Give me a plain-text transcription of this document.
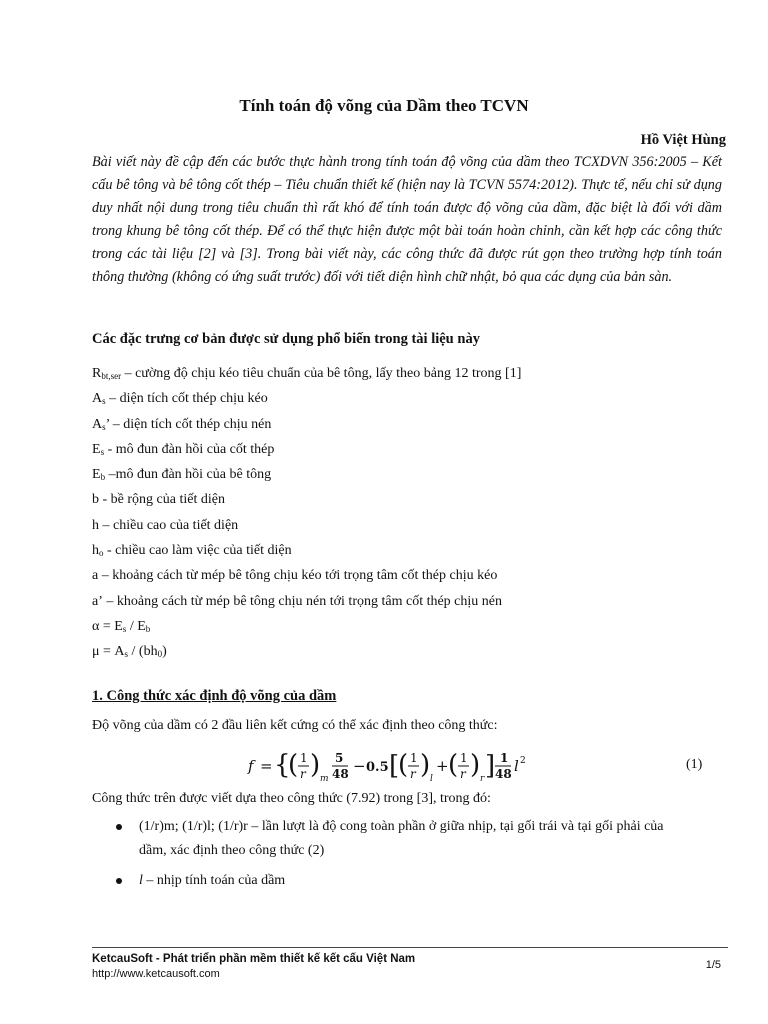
Tính toán độ võng của Dầm theo TCVN
Hồ Việt Hùng
Bài viết này đề cập đến các bước thực hành trong tính toán độ võng của dầm theo TCXDVN 356:2005 – Kết cấu bê tông và bê tông cốt thép – Tiêu chuẩn thiết kế (hiện nay là TCVN 5574:2012). Thực tế, nếu chỉ sử dụng duy nhất nội dung trong tiêu chuẩn thì rất khó để tính toán được độ võng của dầm, đặc biệt là đối với dầm trong khung bê tông cốt thép. Để có thể thực hiện được một bài toán hoàn chỉnh, cần kết hợp các công thức trong các tài liệu [2] và [3]. Trong bài viết này, các công thức đã được rút gọn theo trường hợp tính toán thông thường (không có ứng suất trước) đối với tiết diện hình chữ nhật, bỏ qua các dụng của bản sàn.
Các đặc trưng cơ bản được sử dụng phổ biến trong tài liệu này
$R_{bt,ser}$ – cường độ chịu kéo tiêu chuẩn của bê tông, lấy theo bảng 12 trong [1]
$A_s$ – diện tích cốt thép chịu kéo
$A_s$’ – diện tích cốt thép chịu nén
$E_s$ - mô đun đàn hồi của cốt thép
$E_b$ –mô đun đàn hồi của bê tông
b - bề rộng của tiết diện
h – chiều cao của tiết diện
$h_o$ - chiều cao làm việc của tiết diện
a – khoảng cách từ mép bê tông chịu kéo tới trọng tâm cốt thép chịu kéo
a’ – khoảng cách từ mép bê tông chịu nén tới trọng tâm cốt thép chịu nén
$\alpha = E_s / E_b$
$\mu = A_s / (bh_0)$
1. Công thức xác định độ võng của dầm
Độ võng của dầm có 2 đầu liên kết cứng có thể xác định theo công thức:
f = {
( 1
r ) m
5
48 − 0.5 [
( 1
r ) l
+ ( 1
r ) r ] 1
48 l 2	(1)
Công thức trên được viết dựa theo công thức (7.92) trong [3], trong đó:
(1/r)m; (1/r)l; (1/r)r – lần lượt là độ cong toàn phần ở giữa nhịp, tại gối trái và tại gối phải của
dầm, xác định theo công thức (2)
l – nhịp tính toán của dầm
KetcauSoft - Phát triển phần mềm thiết kế kết cấu Việt Nam
http://www.ketcausoft.com
1/5
